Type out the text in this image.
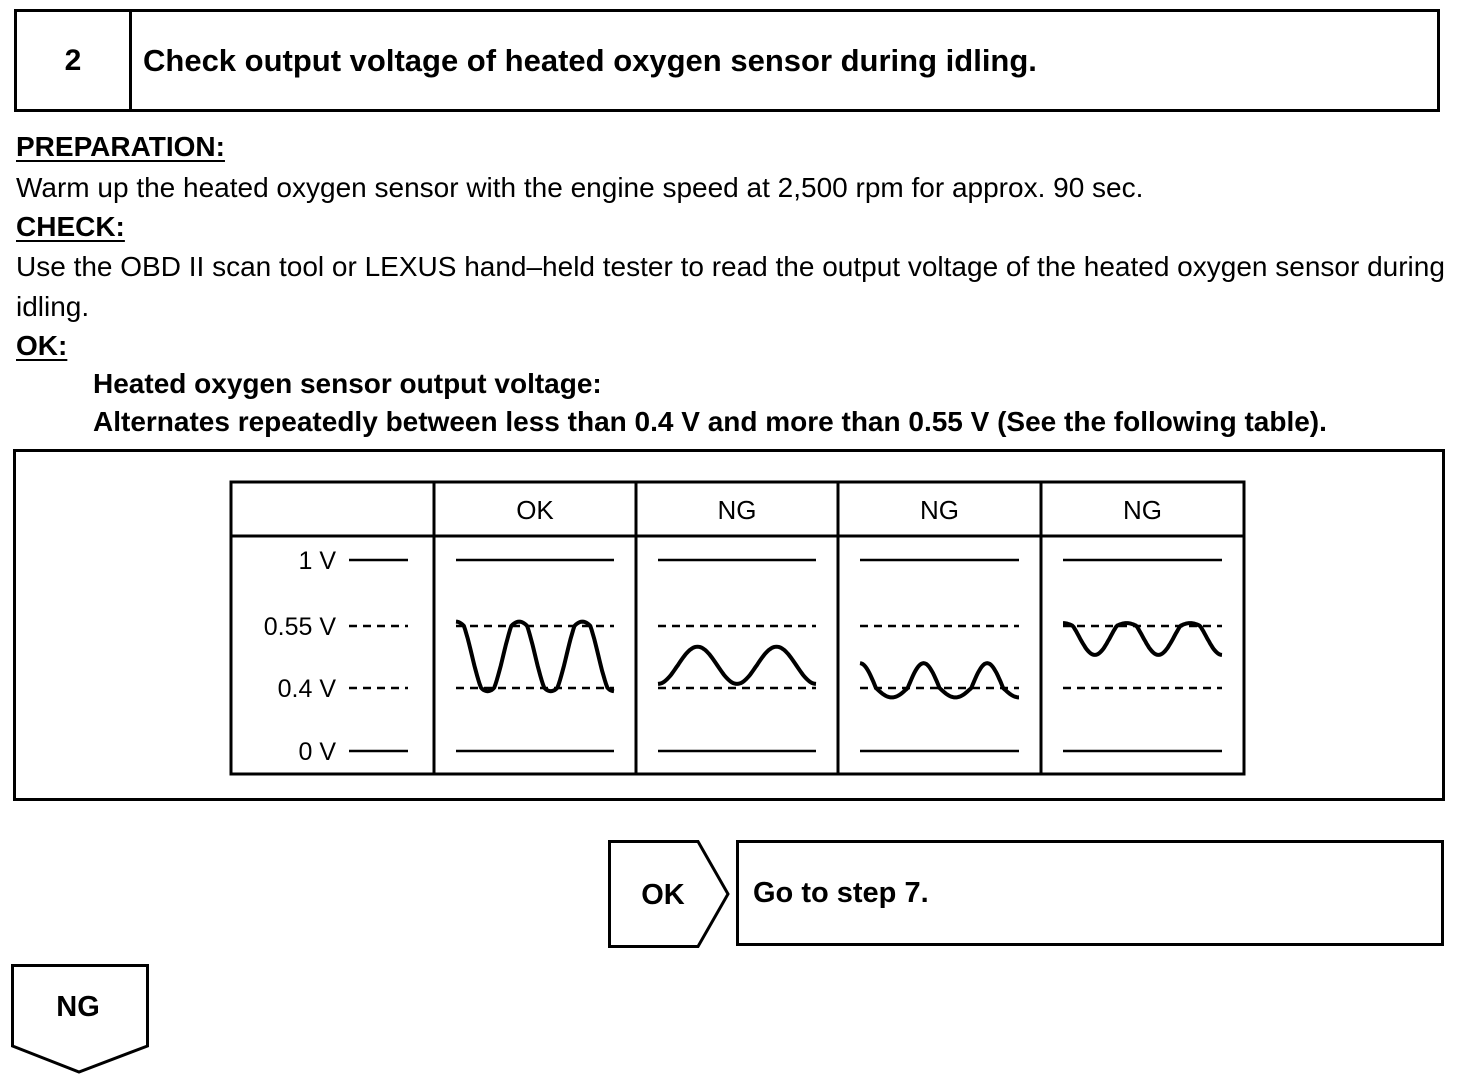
2	Check output voltage of heated oxygen sensor during idling.
PREPARATION:
Warm up the heated oxygen sensor with the engine speed at 2,500 rpm for approx. 90 sec.
CHECK:
Use the OBD II scan tool or LEXUS hand–held tester to read the output voltage of the heated oxygen sensor during idling.
OK:
Heated oxygen sensor output voltage:
Alternates repeatedly between less than 0.4 V and more than 0.55 V (See the following table).
OK	NG	NG	NG
1 V
0.55 V
0.4 V
0 V
OK Go to step 7.
NG
